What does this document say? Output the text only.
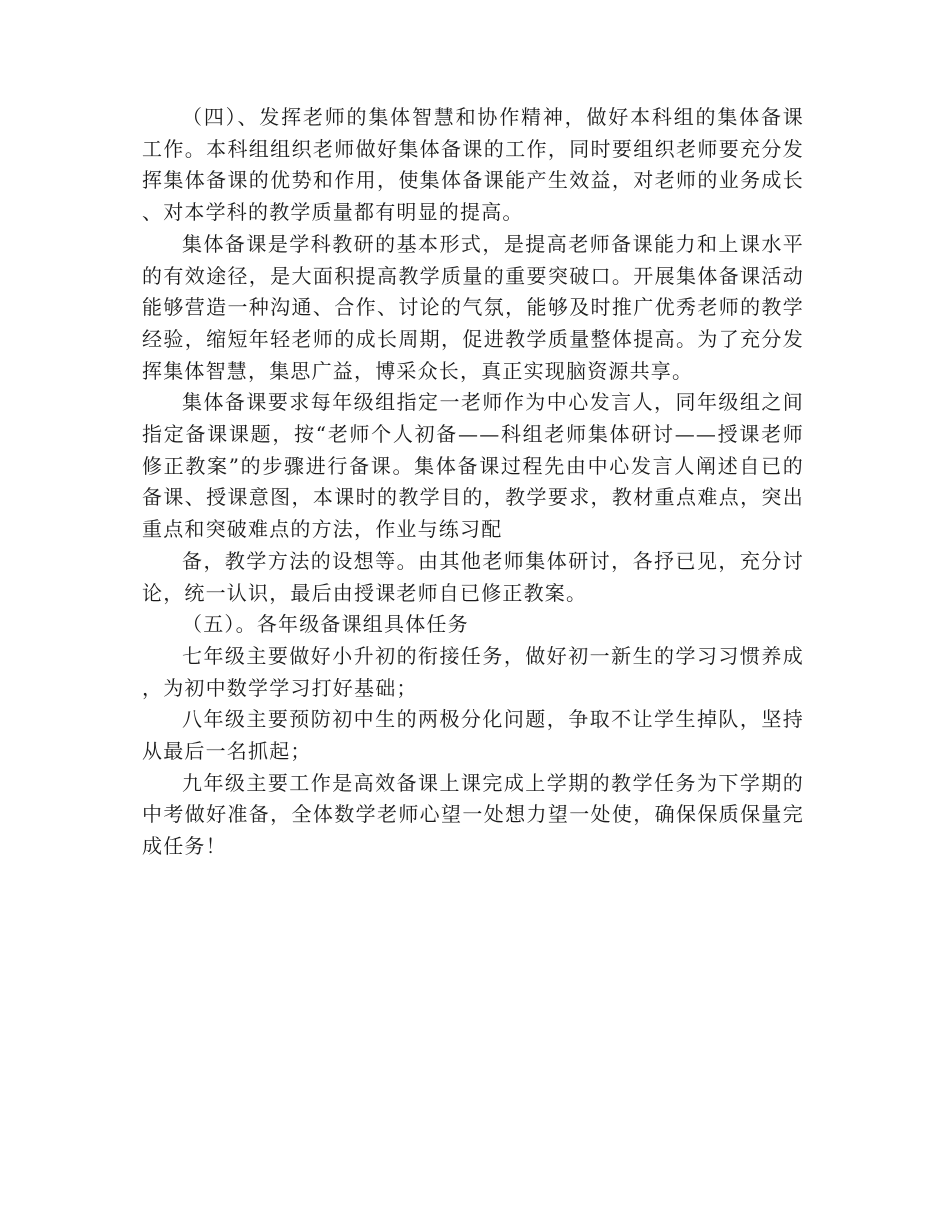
（四）、发挥老师的集体智慧和协作精神，做好本科组的集体备课工作。本科组组织老师做好集体备课的工作，同时要组织老师要充分发挥集体备课的优势和作用，使集体备课能产生效益，对老师的业务成长、对本学科的教学质量都有明显的提高。

集体备课是学科教研的基本形式，是提高老师备课能力和上课水平的有效途径，是大面积提高教学质量的重要突破口。开展集体备课活动能够营造一种沟通、合作、讨论的气氛，能够及时推广优秀老师的教学经验，缩短年轻老师的成长周期，促进教学质量整体提高。为了充分发挥集体智慧，集思广益，博采众长，真正实现脑资源共享。

集体备课要求每年级组指定一老师作为中心发言人，同年级组之间指定备课课题，按“老师个人初备——科组老师集体研讨——授课老师修正教案”的步骤进行备课。集体备课过程先由中心发言人阐述自已的备课、授课意图，本课时的教学目的，教学要求，教材重点难点，突出重点和突破难点的方法，作业与练习配

备，教学方法的设想等。由其他老师集体研讨，各抒已见，充分讨论，统一认识，最后由授课老师自已修正教案。

（五）。各年级备课组具体任务

七年级主要做好小升初的衔接任务，做好初一新生的学习习惯养成，为初中数学学习打好基础；

八年级主要预防初中生的两极分化问题，争取不让学生掉队，坚持从最后一名抓起；

九年级主要工作是高效备课上课完成上学期的教学任务为下学期的中考做好准备，全体数学老师心望一处想力望一处使，确保保质保量完成任务！
